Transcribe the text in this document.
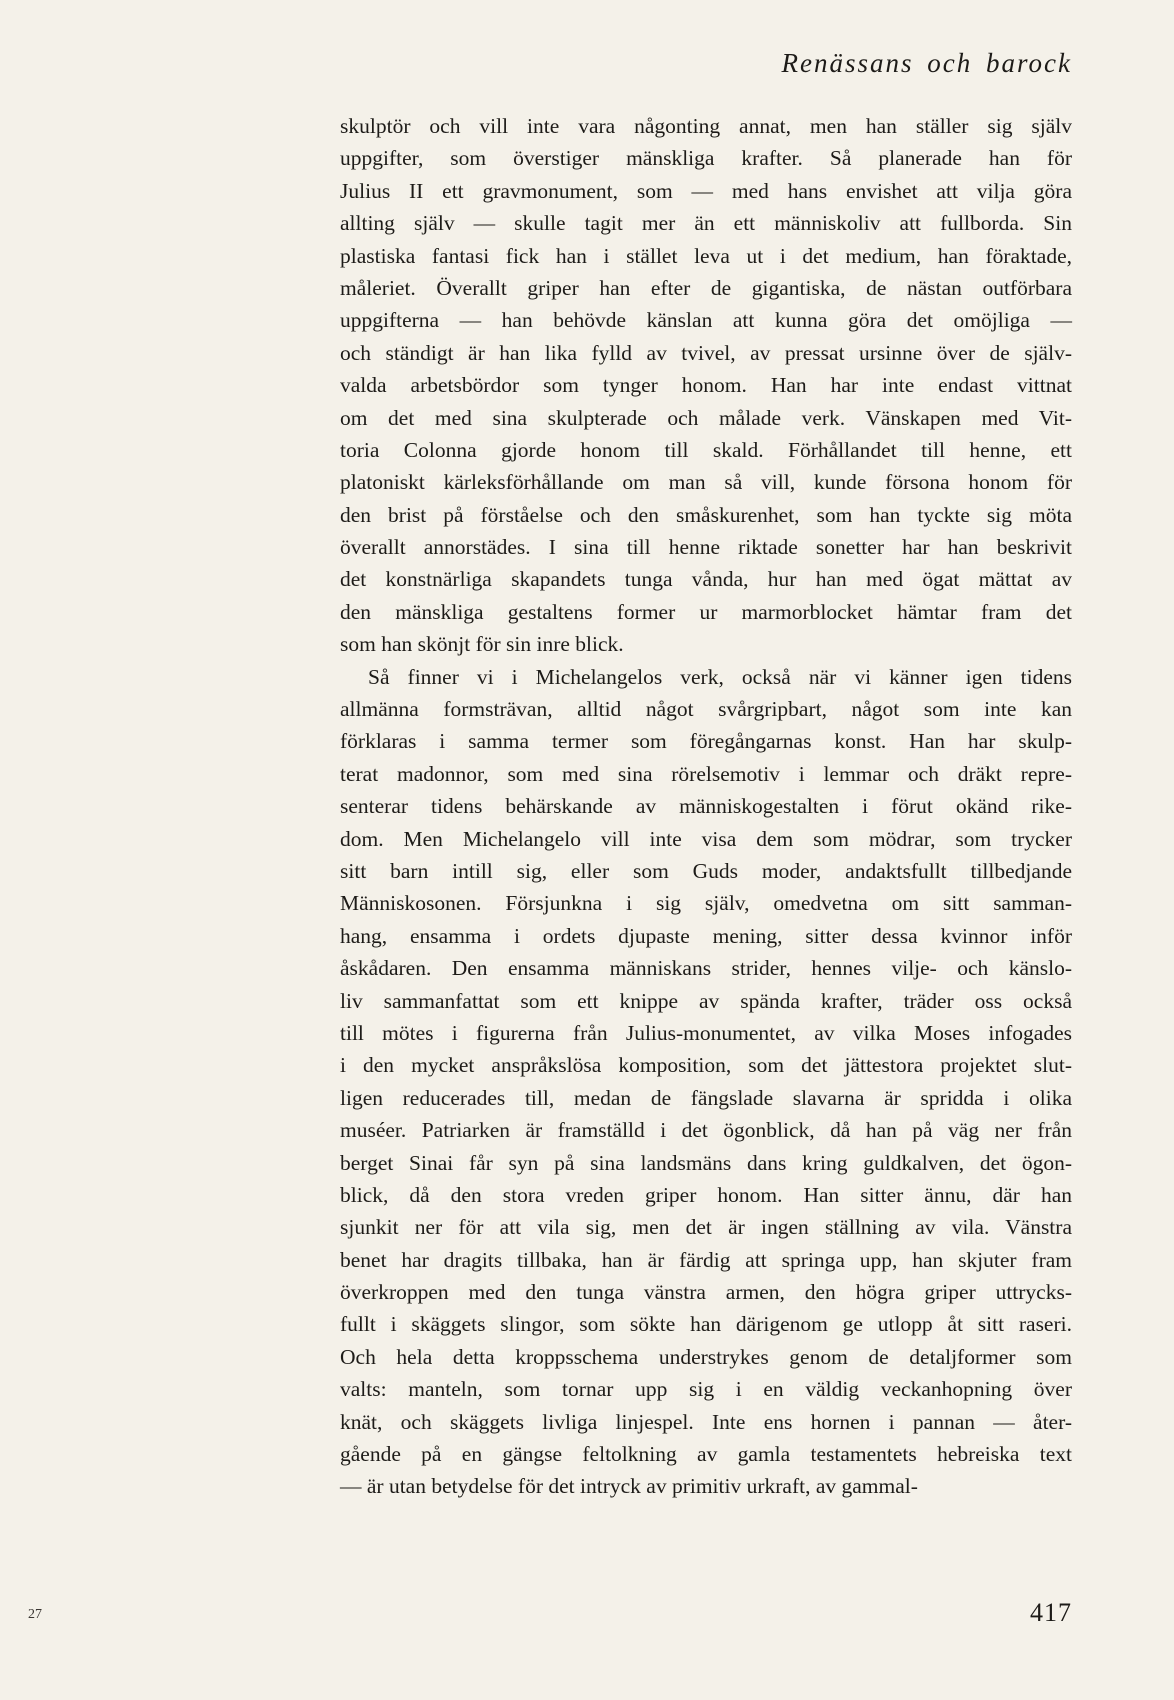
Renässans och barock
skulptör och vill inte vara någonting annat, men han ställer sig själv
uppgifter, som överstiger mänskliga krafter. Så planerade han för
Julius II ett gravmonument, som — med hans envishet att vilja göra
allting själv — skulle tagit mer än ett människoliv att fullborda. Sin
plastiska fantasi fick han i stället leva ut i det medium, han föraktade,
måleriet. Överallt griper han efter de gigantiska, de nästan outförbara
uppgifterna — han behövde känslan att kunna göra det omöjliga —
och ständigt är han lika fylld av tvivel, av pressat ursinne över de själv-
valda arbetsbördor som tynger honom. Han har inte endast vittnat
om det med sina skulpterade och målade verk. Vänskapen med Vit-
toria Colonna gjorde honom till skald. Förhållandet till henne, ett
platoniskt kärleksförhållande om man så vill, kunde försona honom för
den brist på förståelse och den småskurenhet, som han tyckte sig möta
överallt annorstädes. I sina till henne riktade sonetter har han beskrivit
det konstnärliga skapandets tunga vånda, hur han med ögat mättat av
den mänskliga gestaltens former ur marmorblocket hämtar fram det
som han skönjt för sin inre blick.
Så finner vi i Michelangelos verk, också när vi känner igen tidens
allmänna formsträvan, alltid något svårgripbart, något som inte kan
förklaras i samma termer som föregångarnas konst. Han har skulp-
terat madonnor, som med sina rörelsemotiv i lemmar och dräkt repre-
senterar tidens behärskande av människogestalten i förut okänd rike-
dom. Men Michelangelo vill inte visa dem som mödrar, som trycker
sitt barn intill sig, eller som Guds moder, andaktsfullt tillbedjande
Människosonen. Försjunkna i sig själv, omedvetna om sitt samman-
hang, ensamma i ordets djupaste mening, sitter dessa kvinnor inför
åskådaren. Den ensamma människans strider, hennes vilje- och känslo-
liv sammanfattat som ett knippe av spända krafter, träder oss också
till mötes i figurerna från Julius-monumentet, av vilka Moses infogades
i den mycket anspråkslösa komposition, som det jättestora projektet slut-
ligen reducerades till, medan de fängslade slavarna är spridda i olika
muséer. Patriarken är framställd i det ögonblick, då han på väg ner från
berget Sinai får syn på sina landsmäns dans kring guldkalven, det ögon-
blick, då den stora vreden griper honom. Han sitter ännu, där han
sjunkit ner för att vila sig, men det är ingen ställning av vila. Vänstra
benet har dragits tillbaka, han är färdig att springa upp, han skjuter fram
överkroppen med den tunga vänstra armen, den högra griper uttrycks-
fullt i skäggets slingor, som sökte han därigenom ge utlopp åt sitt raseri.
Och hela detta kroppsschema understrykes genom de detaljformer som
valts: manteln, som tornar upp sig i en väldig veckanhopning över
knät, och skäggets livliga linjespel. Inte ens hornen i pannan — åter-
gående på en gängse feltolkning av gamla testamentets hebreiska text
— är utan betydelse för det intryck av primitiv urkraft, av gammal-
27	417
